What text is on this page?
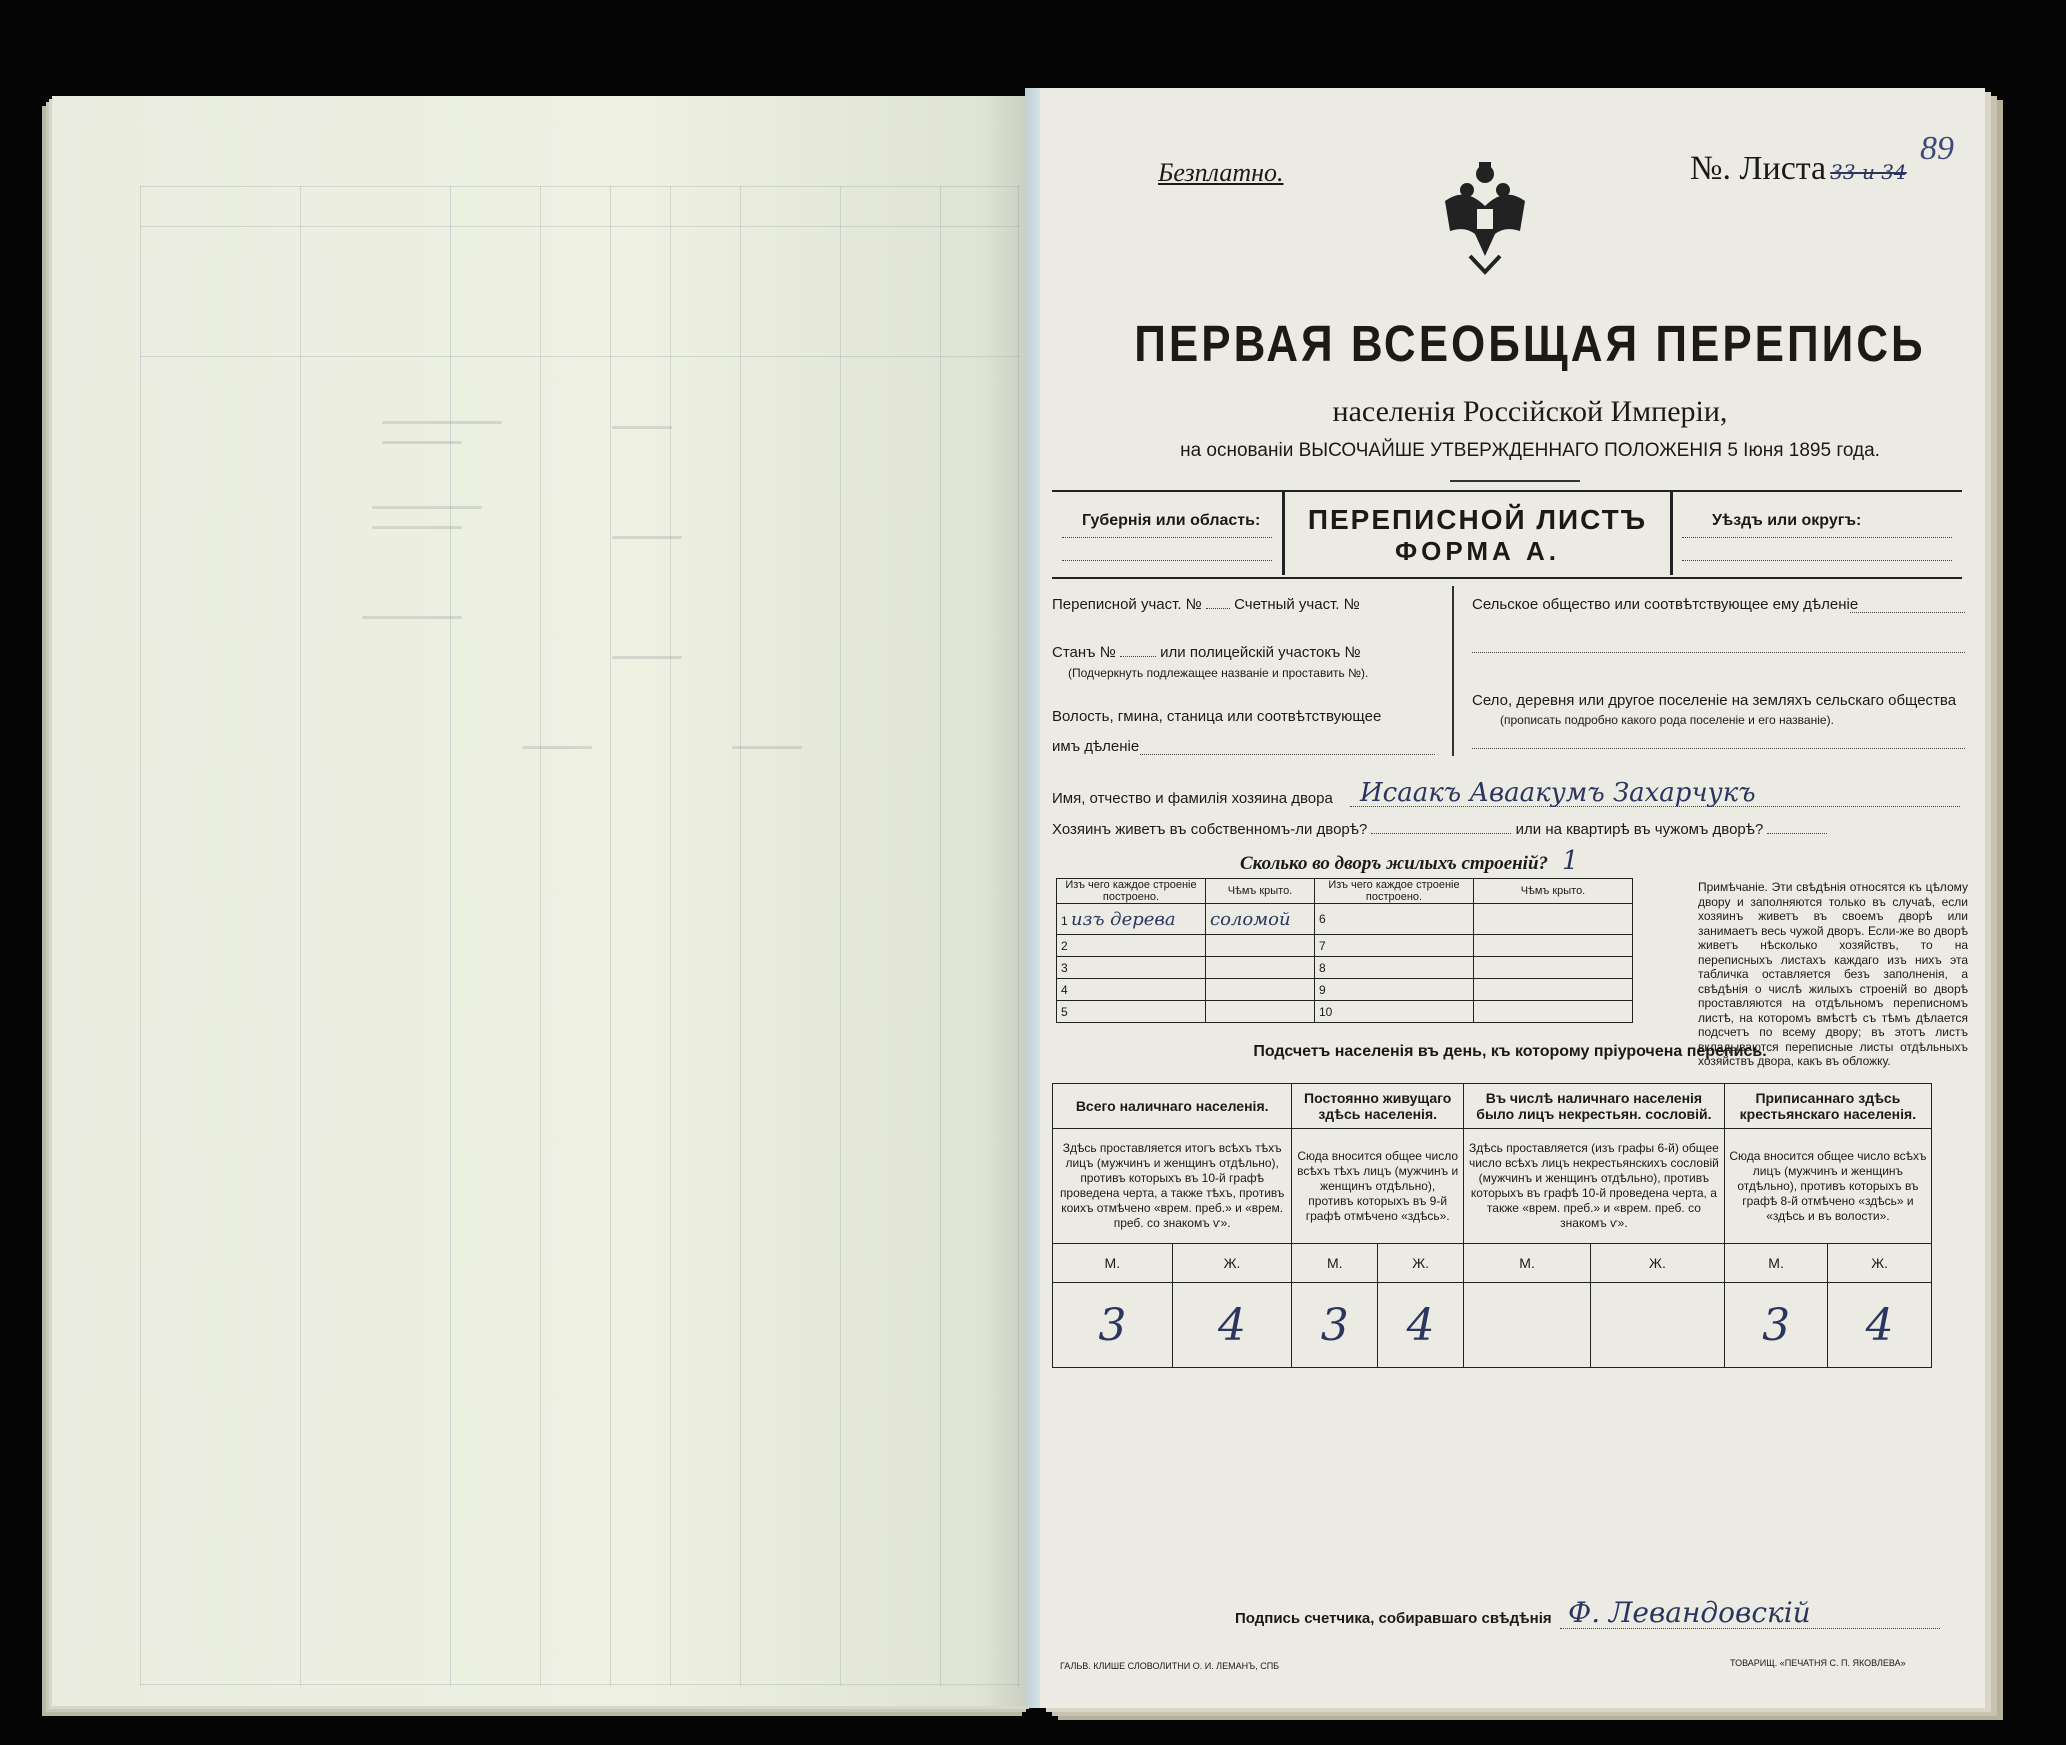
Безплатно.	№. Листа 33 и 34
89
ПЕРВАЯ ВСЕОБЩАЯ ПЕРЕПИСЬ
населенія Россійской Имперіи,
на основаніи ВЫСОЧАЙШЕ УТВЕРЖДЕННАГО ПОЛОЖЕНІЯ 5 Іюня 1895 года.
Губернія или область:	ПЕРЕПИСНОЙ ЛИСТЪ
ФОРМА А.
Уѣздъ или округъ:
Переписной участ. № Счетный участ. №
Станъ №	или полицейскій участокъ №
(Подчеркнуть подлежащее названіе и проставить №).
Волость, гмина, станица или соотвѣтствующее
имъ дѣленіе
Сельское общество или соотвѣтствующее ему дѣленіе
Село, деревня или другое поселеніе на земляхъ сельскаго общества
(прописать подробно какого рода поселеніе и его названіе).
Имя, отчество и фамилія хозяина двора Исаакъ Аваакумъ Захарчукъ
Хозяинъ живетъ въ собственномъ-ли дворѣ?	или на квартирѣ въ чужомъ дворѣ?
Сколько во дворъ жилыхъ строеній? 1
Изъ чего каждое строеніе построено.	Чѣмъ крыто.	Изъ чего каждое строеніе построено.	Чѣмъ крыто.
1 изъ дерева	соломой	6	
2		7	
3		8	
4		9	
5		10	
Примѣчаніе. Эти свѣдѣнія относятся къ цѣлому двору и заполняются только въ случаѣ, если хозяинъ живетъ въ своемъ дворѣ или занимаетъ весь чужой дворъ. Если-же во дворѣ живетъ нѣсколько хозяйствъ, то на переписныхъ листахъ каждаго изъ нихъ эта табличка оставляется безъ заполненія, а свѣдѣнія о числѣ жилыхъ строеній во дворѣ проставляются на отдѣльномъ переписномъ листѣ, на которомъ вмѣстѣ съ тѣмъ дѣлается подсчетъ по всему двору; въ этотъ листъ вкладываются переписные листы отдѣльныхъ хозяйствъ двора, какъ въ обложку.
Подсчетъ населенія въ день, къ которому пріурочена перепись.
Всего наличнаго населенія.		Постоянно живущаго здѣсь населенія.		Въ числѣ наличнаго населенія было лицъ некрестьян. сословій.		Приписаннаго здѣсь крестьянскаго населенія.	
Здѣсь проставляется итогъ всѣхъ тѣхъ лицъ (мужчинъ и женщинъ отдѣльно), противъ которыхъ въ 10-й графѣ проведена черта, а также тѣхъ, противъ коихъ отмѣчено «врем. преб.» и «врем. преб. со знакомъ ѵ».		Сюда вносится общее число всѣхъ тѣхъ лицъ (мужчинъ и женщинъ отдѣльно), противъ которыхъ въ 9-й графѣ отмѣчено «здѣсь».		Здѣсь проставляется (изъ графы 6-й) общее число всѣхъ лицъ некрестьянскихъ сословій (мужчинъ и женщинъ отдѣльно), противъ которыхъ въ графѣ 10-й проведена черта, а также «врем. преб.» и «врем. преб. со знакомъ ѵ».		Сюда вносится общее число всѣхъ лицъ (мужчинъ и женщинъ отдѣльно), противъ которыхъ въ графѣ 8-й отмѣчено «здѣсь» и «здѣсь и въ волости».	
М.	Ж.	М.	Ж.	М.	Ж.	М.	Ж.
3	4	3	4			3	4
Подпись счетчика, собиравшаго свѣдѣнія Ф. Левандовскій
ГАЛЬВ. КЛИШЕ СЛОВОЛИТНИ О. И. ЛЕМАНЪ, СПБ	ТОВАРИЩ. «ПЕЧАТНЯ С. П. ЯКОВЛЕВА»
